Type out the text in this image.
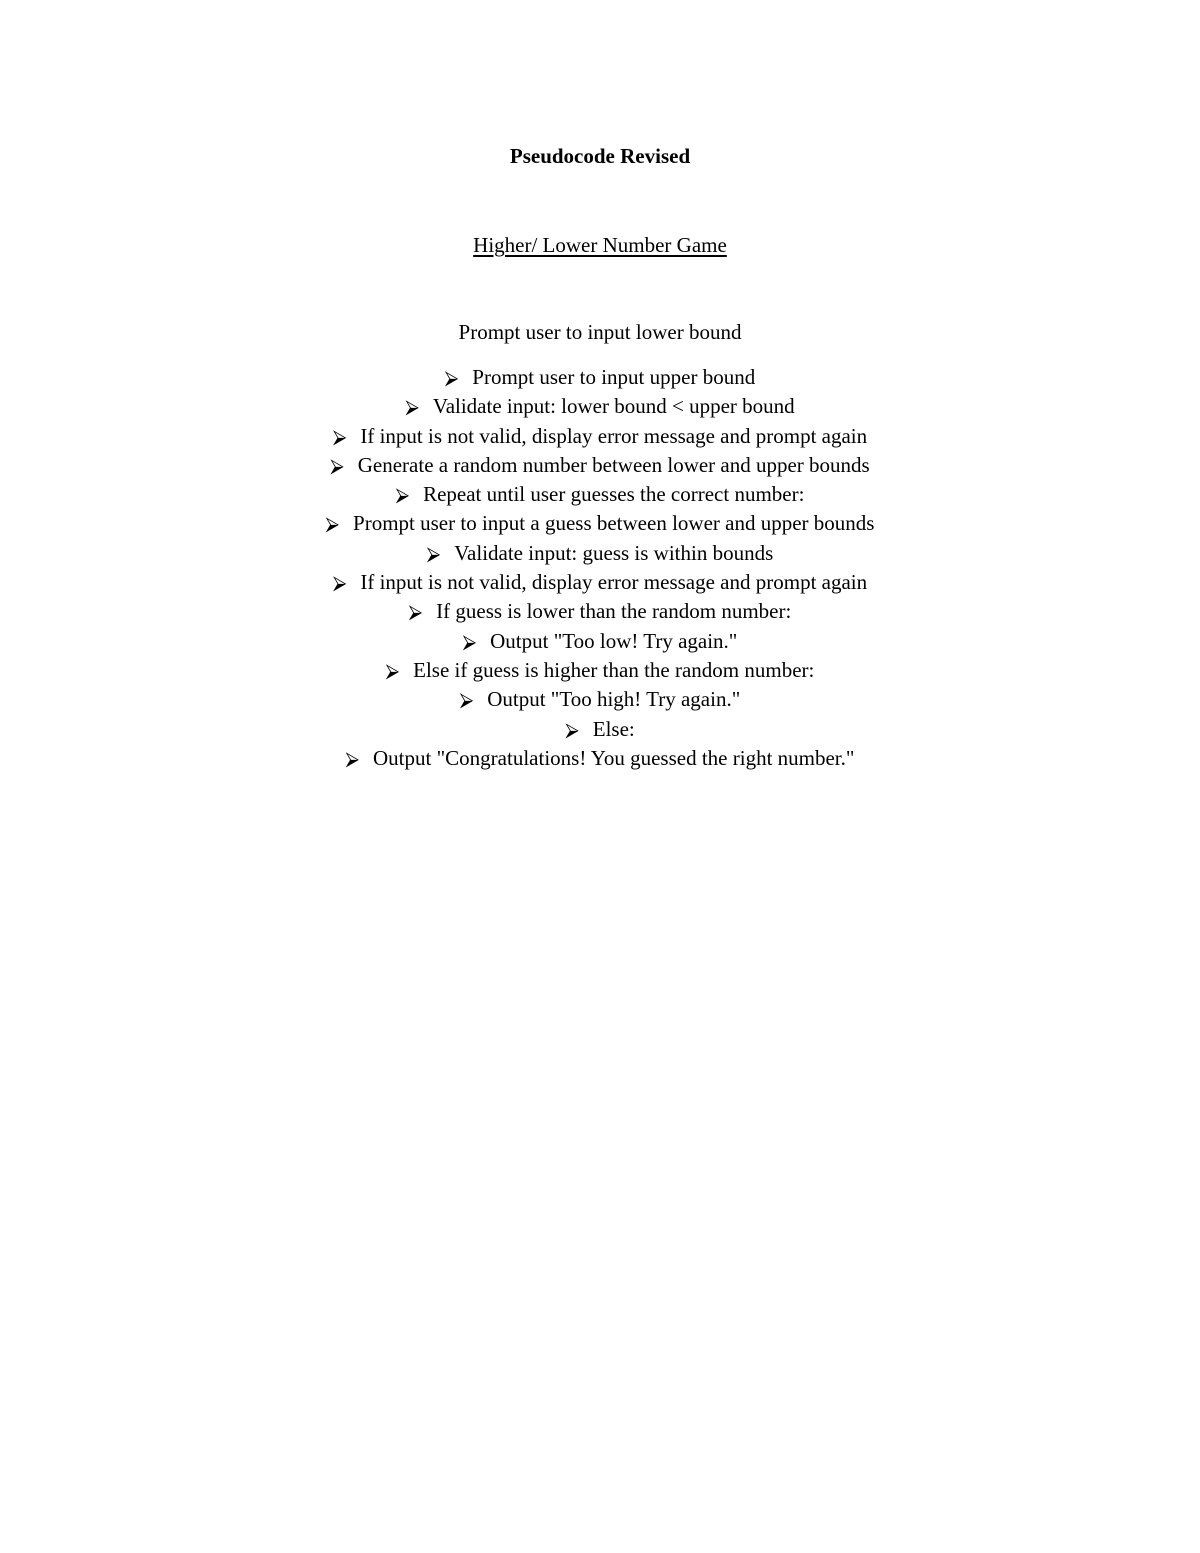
Pseudocode Revised

Higher/ Lower Number Game

Prompt user to input lower bound

⮚ Prompt user to input upper bound
⮚ Validate input: lower bound < upper bound
⮚ If input is not valid, display error message and prompt again
⮚ Generate a random number between lower and upper bounds
⮚ Repeat until user guesses the correct number:
⮚ Prompt user to input a guess between lower and upper bounds
⮚ Validate input: guess is within bounds
⮚ If input is not valid, display error message and prompt again
⮚ If guess is lower than the random number:
⮚ Output "Too low! Try again."
⮚ Else if guess is higher than the random number:
⮚ Output "Too high! Try again."
⮚ Else:
⮚ Output "Congratulations! You guessed the right number."
